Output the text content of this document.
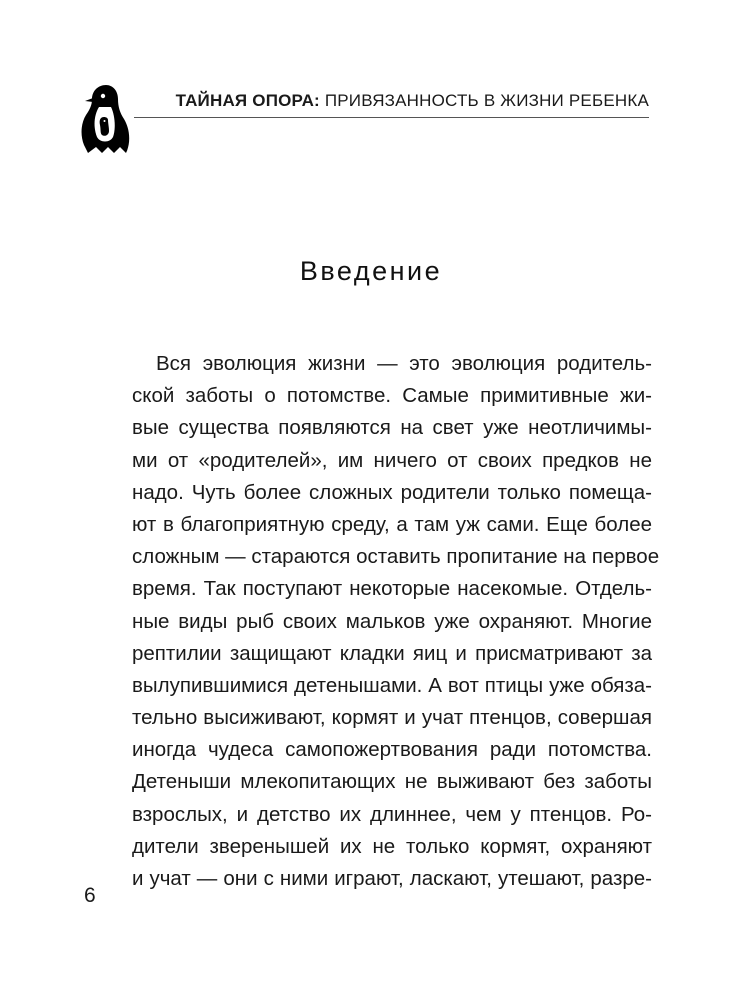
ТАЙНАЯ ОПОРА: ПРИВЯЗАННОСТЬ В ЖИЗНИ РЕБЕНКА
Введение
Вся эволюция жизни — это эволюция родитель-
ской заботы о потомстве. Самые примитивные жи-
вые существа появляются на свет уже неотличимы-
ми от «родителей», им ничего от своих предков не
надо. Чуть более сложных родители только помеща-
ют в благоприятную среду, а там уж сами. Еще более
сложным — стараются оставить пропитание на первое
время. Так поступают некоторые насекомые. Отдель-
ные виды рыб своих мальков уже охраняют. Многие
рептилии защищают кладки яиц и присматривают за
вылупившимися детенышами. А вот птицы уже обяза-
тельно высиживают, кормят и учат птенцов, совершая
иногда чудеса самопожертвования ради потомства.
Детеныши млекопитающих не выживают без заботы
взрослых, и детство их длиннее, чем у птенцов. Ро-
дители зверенышей их не только кормят, охраняют
и учат — они с ними играют, ласкают, утешают, разре-
6
